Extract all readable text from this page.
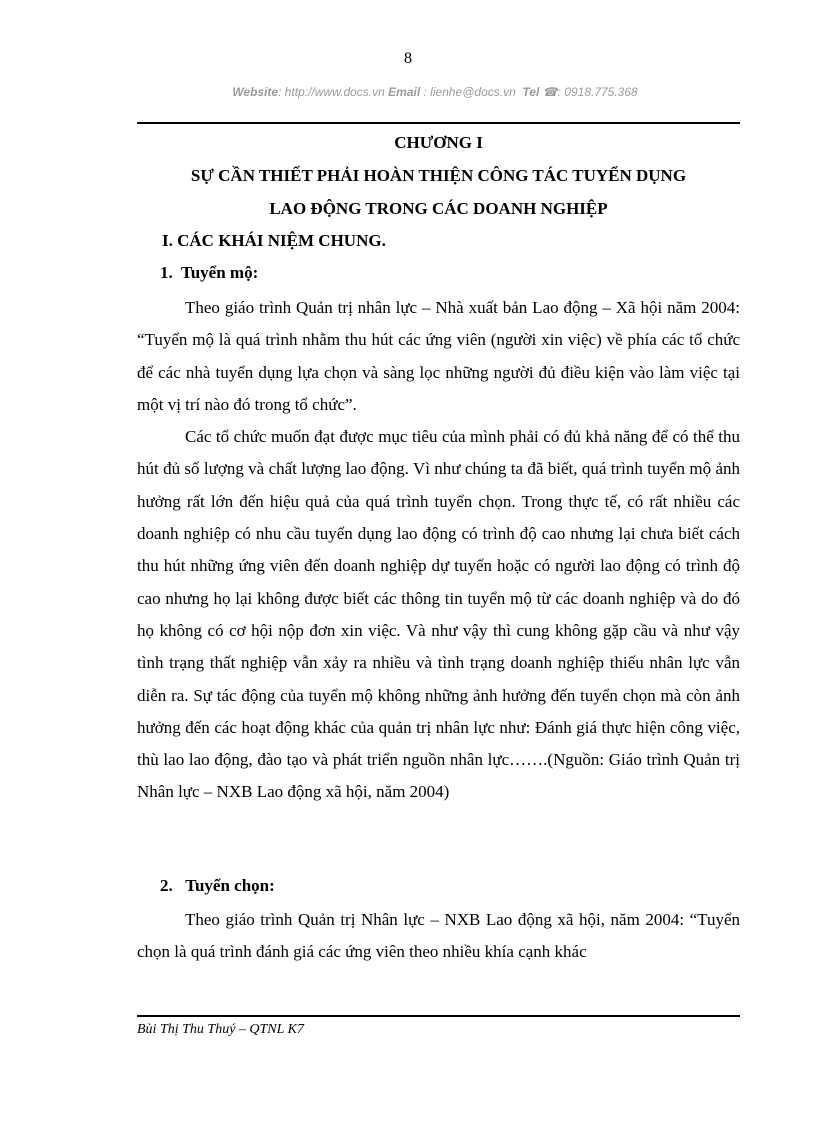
8
Website: http://www.docs.vn Email : lienhe@docs.vn Tel ☎: 0918.775.368
CHƯƠNG I
SỰ CẦN THIẾT PHẢI HOÀN THIỆN CÔNG TÁC TUYỂN DỤNG
LAO ĐỘNG TRONG CÁC DOANH NGHIỆP
I. CÁC KHÁI NIỆM CHUNG.
1. Tuyển mộ:

Theo giáo trình Quản trị nhân lực – Nhà xuất bản Lao động – Xã hội năm 2004: “Tuyển mộ là quá trình nhằm thu hút các ứng viên (người xin việc) về phía các tổ chức để các nhà tuyển dụng lựa chọn và sàng lọc những người đủ điều kiện vào làm việc tại một vị trí nào đó trong tổ chức”.

Các tổ chức muốn đạt được mục tiêu của mình phải có đủ khả năng để có thể thu hút đủ số lượng và chất lượng lao động. Vì như chúng ta đã biết, quá trình tuyển mộ ảnh hưởng rất lớn đến hiệu quả của quá trình tuyển chọn. Trong thực tế, có rất nhiều các doanh nghiệp có nhu cầu tuyển dụng lao động có trình độ cao nhưng lại chưa biết cách thu hút những ứng viên đến doanh nghiệp dự tuyển hoặc có người lao động có trình độ cao nhưng họ lại không được biết các thông tin tuyển mộ từ các doanh nghiệp và do đó họ không có cơ hội nộp đơn xin việc. Và như vậy thì cung không gặp cầu và như vậy tình trạng thất nghiệp vẫn xảy ra nhiều và tình trạng doanh nghiệp thiếu nhân lực vẫn diễn ra. Sự tác động của tuyển mộ không những ảnh hưởng đến tuyển chọn mà còn ảnh hưởng đến các hoạt động khác của quản trị nhân lực như: Đánh giá thực hiện công việc, thù lao lao động, đào tạo và phát triển nguồn nhân lực…….(Nguồn: Giáo trình Quản trị Nhân lực – NXB Lao động xã hội, năm 2004)

2. Tuyển chọn:

Theo giáo trình Quản trị Nhân lực – NXB Lao động xã hội, năm 2004: “Tuyển chọn là quá trình đánh giá các ứng viên theo nhiều khía cạnh khác

Bùi Thị Thu Thuý – QTNL K7
